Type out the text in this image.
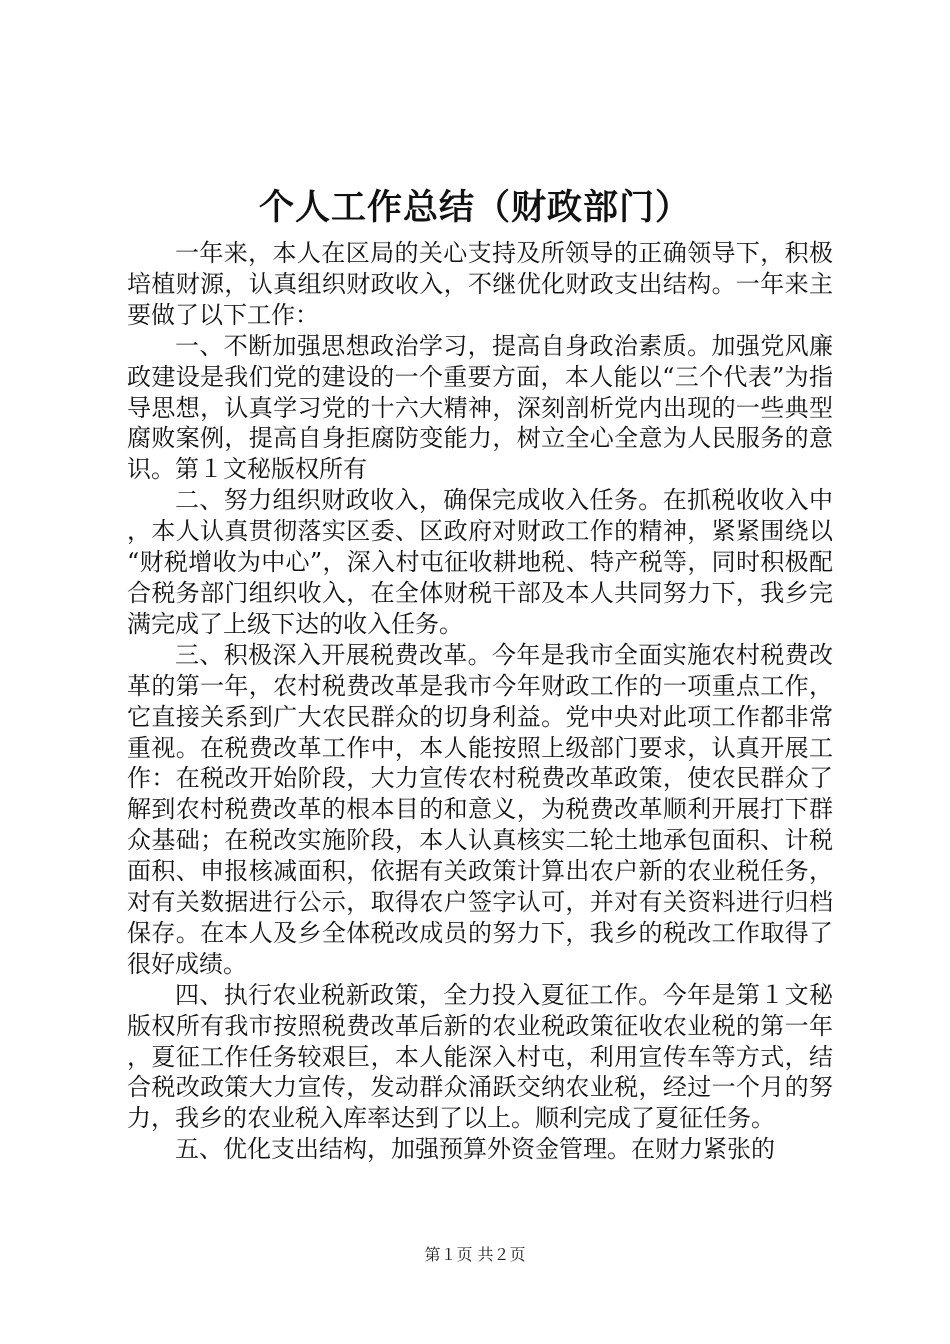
个人工作总结（财政部门）

一年来，本人在区局的关心支持及所领导的正确领导下，积极培植财源，认真组织财政收入，不继优化财政支出结构。一年来主要做了以下工作：

一、不断加强思想政治学习，提高自身政治素质。加强党风廉政建设是我们党的建设的一个重要方面，本人能以“三个代表”为指导思想，认真学习党的十六大精神，深刻剖析党内出现的一些典型腐败案例，提高自身拒腐防变能力，树立全心全意为人民服务的意识。第１文秘版权所有

二、努力组织财政收入，确保完成收入任务。在抓税收收入中，本人认真贯彻落实区委、区政府对财政工作的精神，紧紧围绕以“财税增收为中心”，深入村屯征收耕地税、特产税等，同时积极配合税务部门组织收入，在全体财税干部及本人共同努力下，我乡完满完成了上级下达的收入任务。

三、积极深入开展税费改革。今年是我市全面实施农村税费改革的第一年，农村税费改革是我市今年财政工作的一项重点工作，它直接关系到广大农民群众的切身利益。党中央对此项工作都非常重视。在税费改革工作中，本人能按照上级部门要求，认真开展工作：在税改开始阶段，大力宣传农村税费改革政策，使农民群众了解到农村税费改革的根本目的和意义，为税费改革顺利开展打下群众基础；在税改实施阶段，本人认真核实二轮土地承包面积、计税面积、申报核减面积，依据有关政策计算出农户新的农业税任务，对有关数据进行公示，取得农户签字认可，并对有关资料进行归档保存。在本人及乡全体税改成员的努力下，我乡的税改工作取得了很好成绩。

四、执行农业税新政策，全力投入夏征工作。今年是第１文秘版权所有我市按照税费改革后新的农业税政策征收农业税的第一年，夏征工作任务较艰巨，本人能深入村屯，利用宣传车等方式，结合税改政策大力宣传，发动群众涌跃交纳农业税，经过一个月的努力，我乡的农业税入库率达到了以上。顺利完成了夏征任务。

五、优化支出结构，加强预算外资金管理。在财力紧张的

第１页 共２页
